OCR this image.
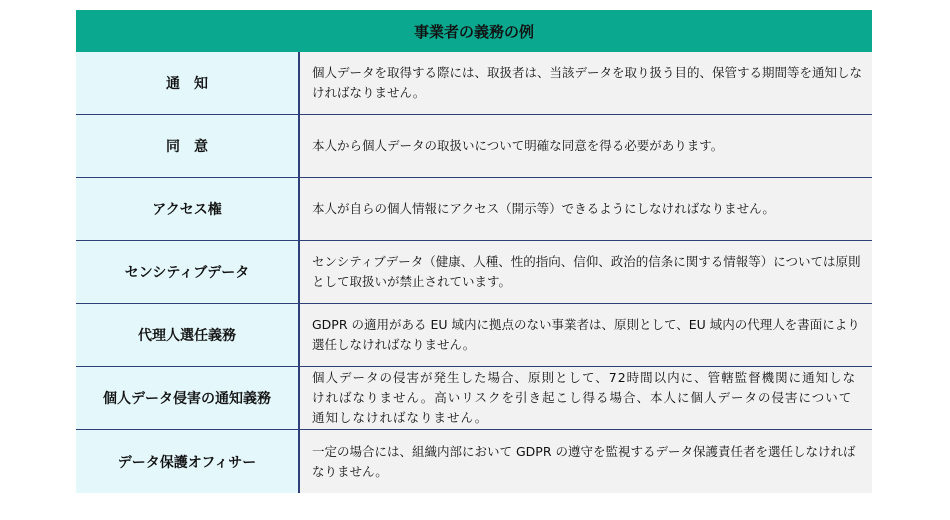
事業者の義務の例
通　知
個人データを取得する際には、取扱者は、当該データを取り扱う目的、保管する期間等を通知しなければなりません。
同　意	本人から個人データの取扱いについて明確な同意を得る必要があります。
アクセス権	本人が自らの個人情報にアクセス（開示等）できるようにしなければなりません。
センシティブデータ
センシティブデータ（健康、人種、性的指向、信仰、政治的信条に関する情報等）については原則として取扱いが禁止されています。
代理人選任義務
GDPR の適用がある EU 域内に拠点のない事業者は、原則として、EU 域内の代理人を書面により選任しなければなりません。
個人データ侵害の通知義務
個人データの侵害が発生した場合、原則として、72時間以内に、管轄監督機関に通知しなければなりません。高いリスクを引き起こし得る場合、本人に個人データの侵害について通知しなければなりません。
データ保護オフィサー
一定の場合には、組織内部において GDPR の遵守を監視するデータ保護責任者を選任しなければなりません。
